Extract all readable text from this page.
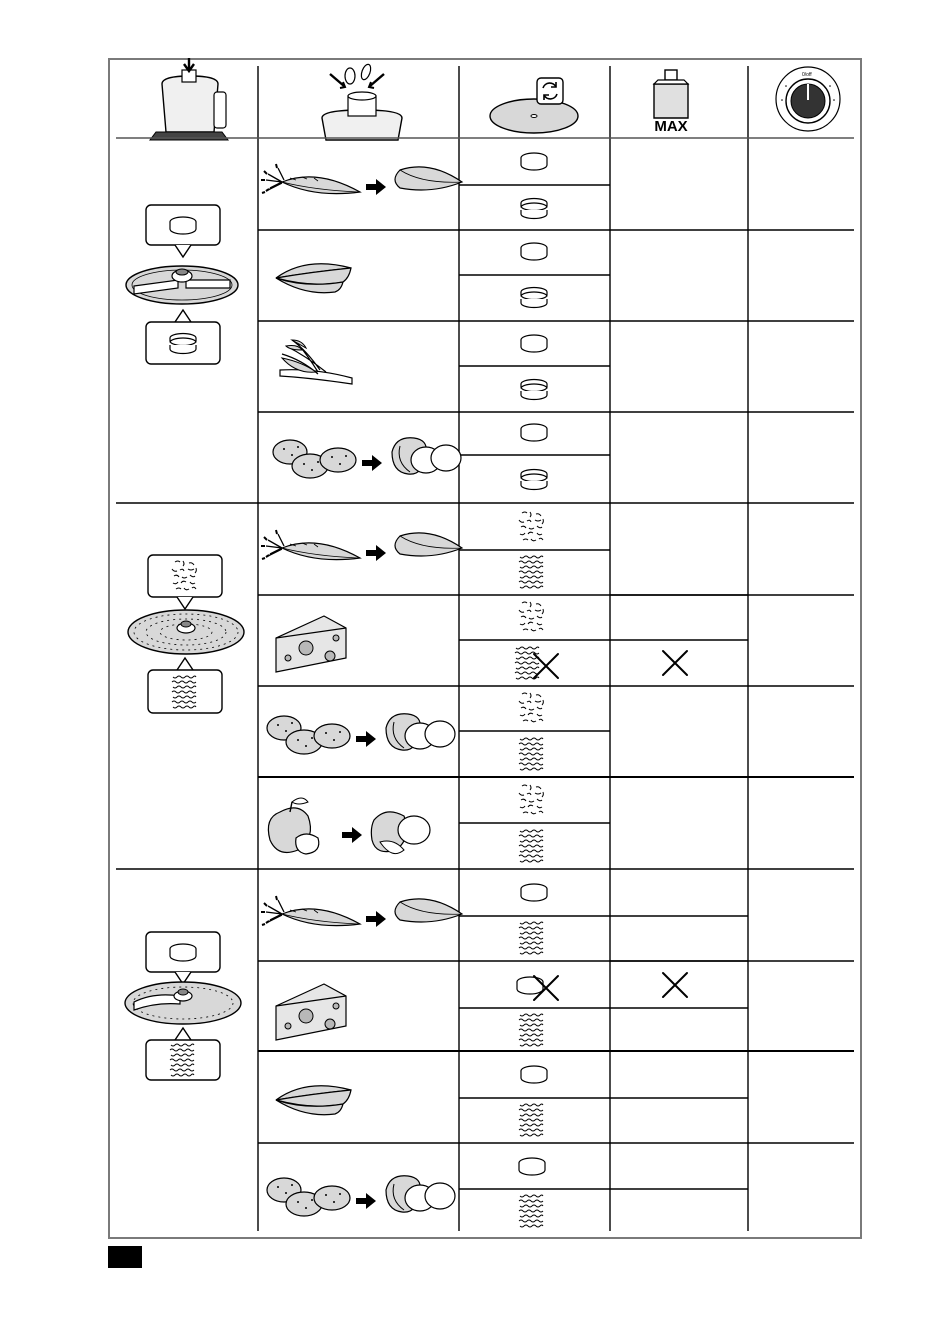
0/off
MAX
